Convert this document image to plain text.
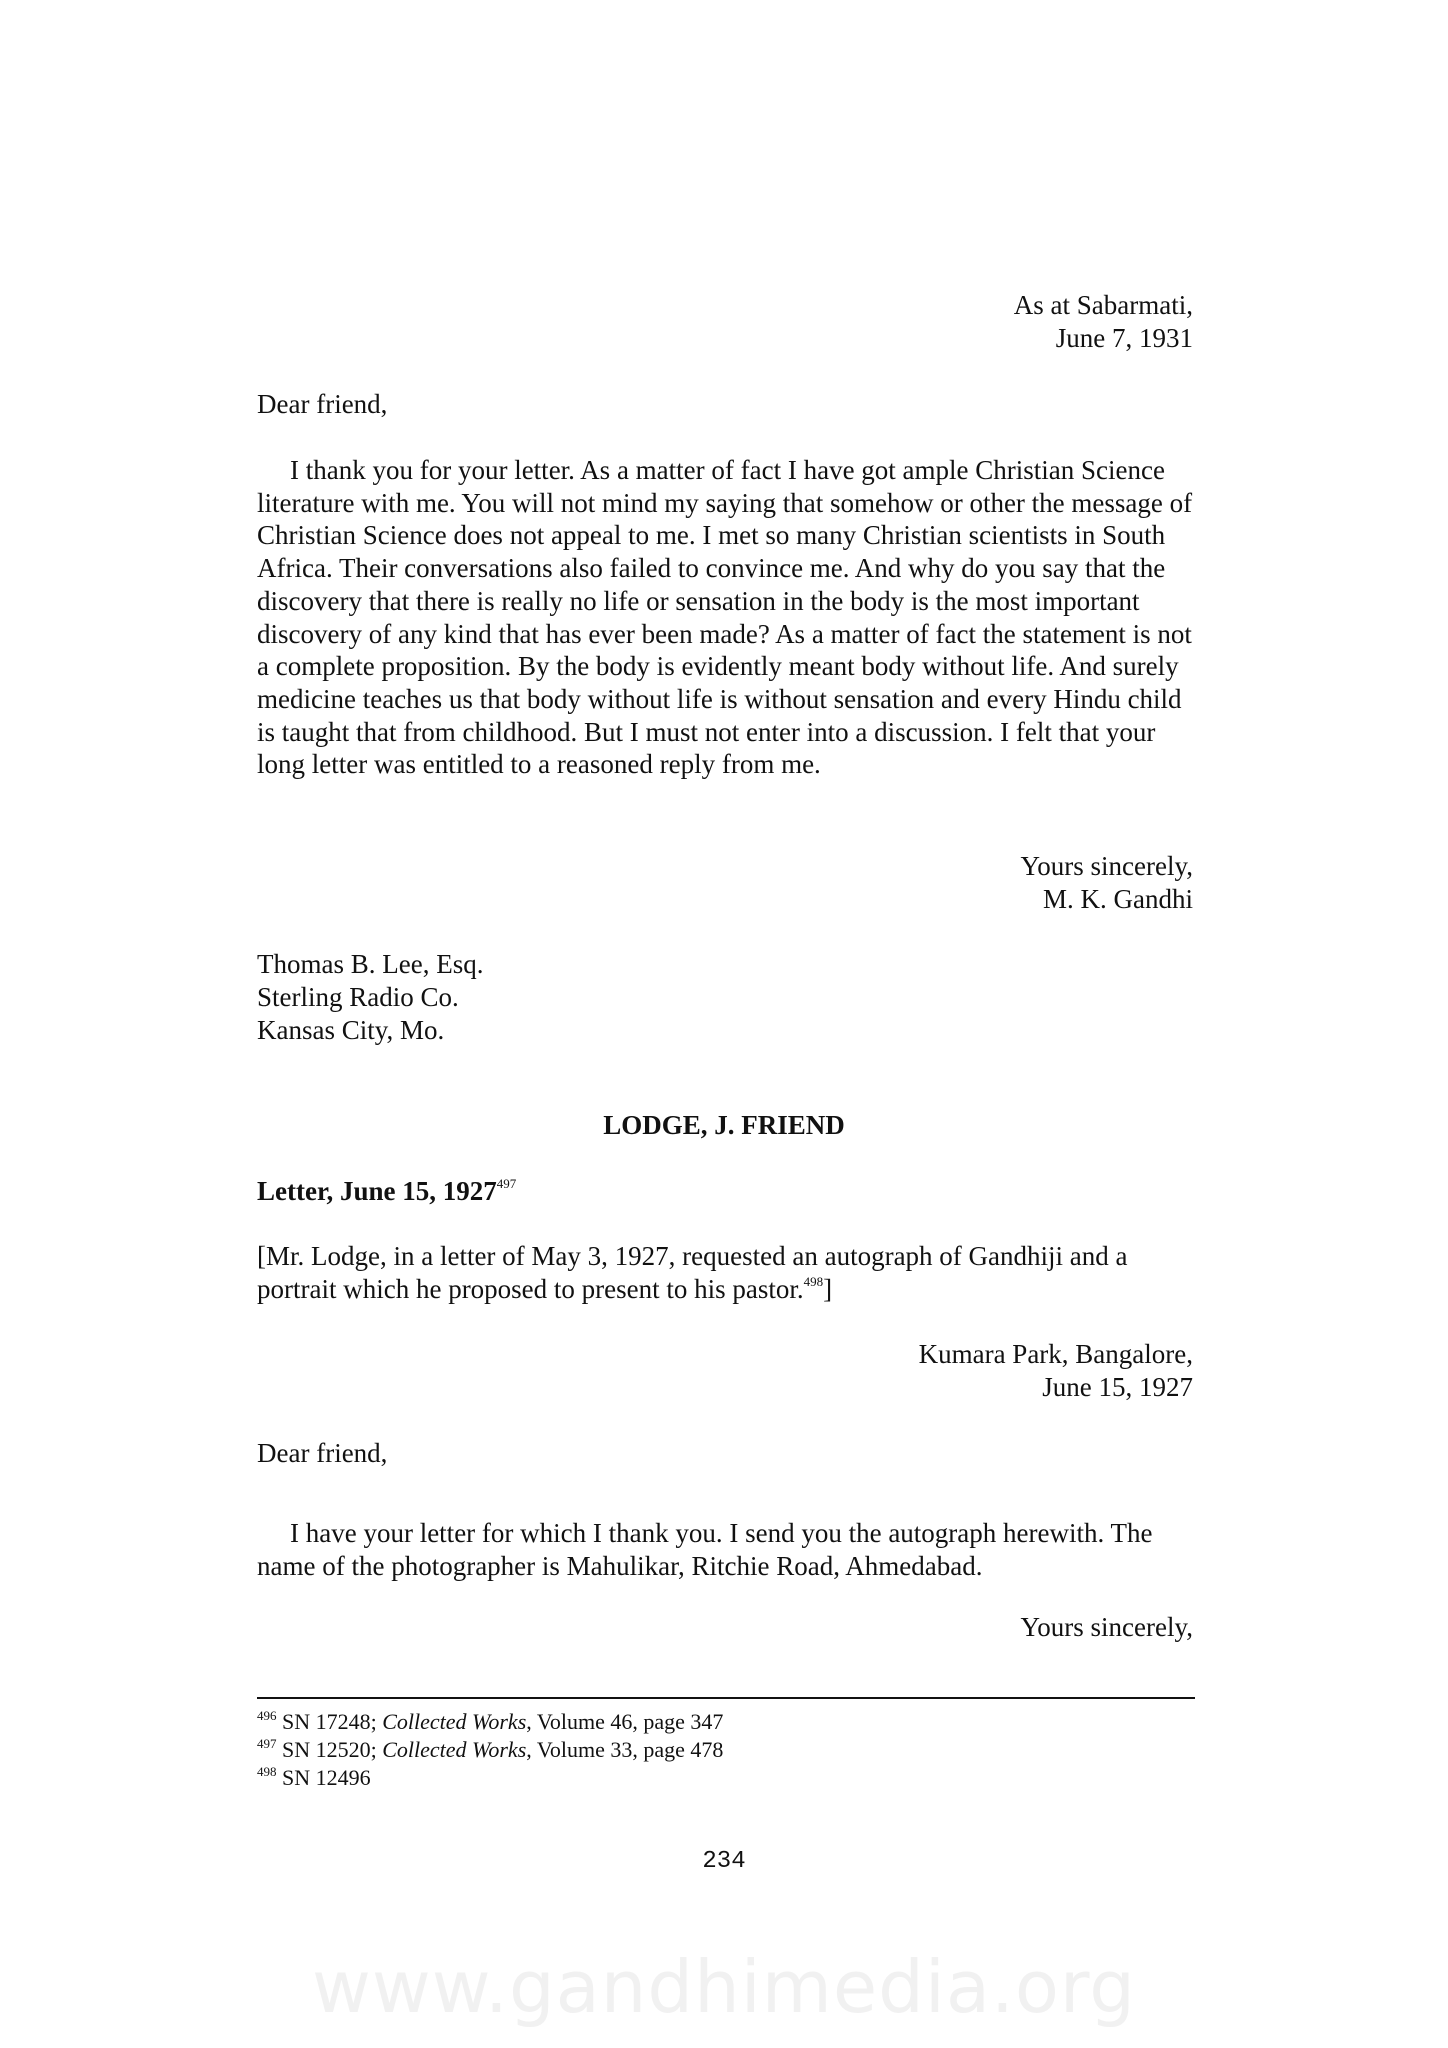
As at Sabarmati,
June 7, 1931
Dear friend,

I thank you for your letter. As a matter of fact I have got ample Christian Science literature with me. You will not mind my saying that somehow or other the message of Christian Science does not appeal to me. I met so many Christian scientists in South Africa. Their conversations also failed to convince me. And why do you say that the discovery that there is really no life or sensation in the body is the most important discovery of any kind that has ever been made? As a matter of fact the statement is not a complete proposition. By the body is evidently meant body without life. And surely medicine teaches us that body without life is without sensation and every Hindu child is taught that from childhood. But I must not enter into a discussion. I felt that your long letter was entitled to a reasoned reply from me.

Yours sincerely,
M. K. Gandhi
Thomas B. Lee, Esq.
Sterling Radio Co.
Kansas City, Mo.
LODGE, J. FRIEND
Letter, June 15, 1927$^{497}$

[Mr. Lodge, in a letter of May 3, 1927, requested an autograph of Gandhiji and a portrait which he proposed to present to his pastor.$^{498}$]

Kumara Park, Bangalore,
June 15, 1927
Dear friend,

I have your letter for which I thank you. I send you the autograph herewith. The name of the photographer is Mahulikar, Ritchie Road, Ahmedabad.

Yours sincerely,
$^{496}$ SN 17248; Collected Works, Volume 46, page 347
$^{497}$ SN 12520; Collected Works, Volume 33, page 478
$^{498}$ SN 12496
234
www.gandhimedia.org
